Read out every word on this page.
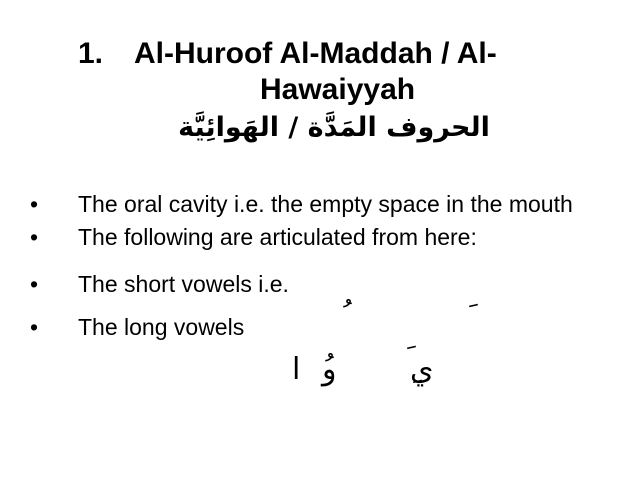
1. Al-Huroof Al-Maddah / Al-
Hawaiyyah
الحروف المَدَّة / الهَوائِيَّة
•	The oral cavity i.e. the empty space in the mouth
•	The following are articulated from here:
•	The short vowels i.e.
•	The long vowels
ا ُو ِي
